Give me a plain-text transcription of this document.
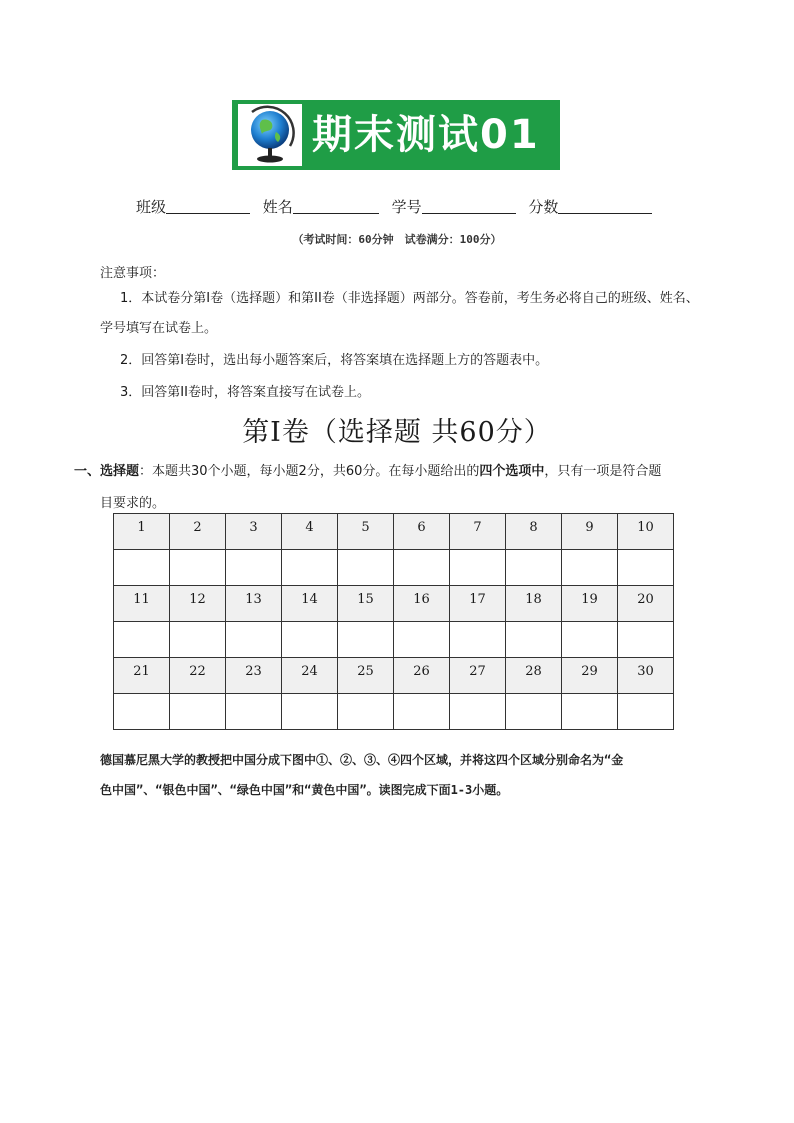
期末测试01
班级	姓名	学号	分数
（考试时间：60分钟　试卷满分：100分）
注意事项：
1．本试卷分第I卷（选择题）和第II卷（非选择题）两部分。答卷前，考生务必将自己的班级、姓名、
学号填写在试卷上。
2．回答第I卷时，选出每小题答案后，将答案填在选择题上方的答题表中。
3．回答第II卷时，将答案直接写在试卷上。
第I卷（选择题 共60分）
一、选择题：本题共30个小题，每小题2分，共60分。在每小题给出的四个选项中，只有一项是符合题
目要求的。
1	2	3	4	5	6	7	8	9	10

11	12	13	14	15	16	17	18	19	20

21	22	23	24	25	26	27	28	29	30

德国慕尼黑大学的教授把中国分成下图中①、②、③、④四个区域，并将这四个区域分别命名为“金
色中国”、“银色中国”、“绿色中国”和“黄色中国”。读图完成下面1-3小题。
